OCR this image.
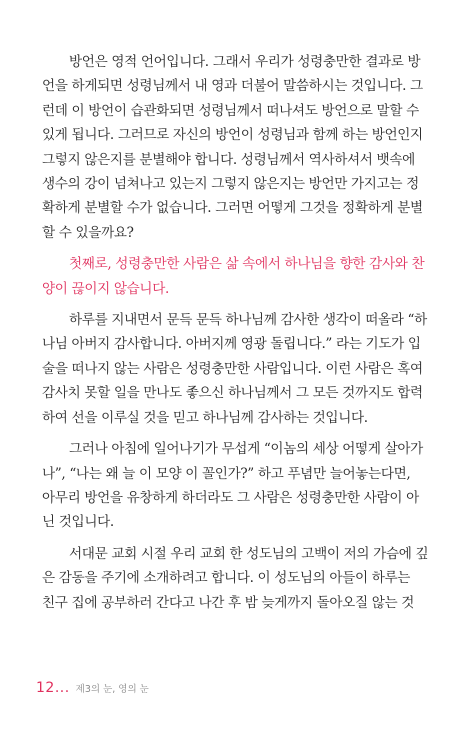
방언은 영적 언어입니다. 그래서 우리가 성령충만한 결과로 방
언을 하게되면 성령님께서 내 영과 더불어 말씀하시는 것입니다. 그
런데 이 방언이 습관화되면 성령님께서 떠나셔도 방언으로 말할 수
있게 됩니다. 그러므로 자신의 방언이 성령님과 함께 하는 방언인지
그렇지 않은지를 분별해야 합니다. 성령님께서 역사하셔서 뱃속에
생수의 강이 넘쳐나고 있는지 그렇지 않은지는 방언만 가지고는 정
확하게 분별할 수가 없습니다. 그러면 어떻게 그것을 정확하게 분별
할 수 있을까요?

첫째로, 성령충만한 사람은 삶 속에서 하나님을 향한 감사와 찬
양이 끊이지 않습니다.

하루를 지내면서 문득 문득 하나님께 감사한 생각이 떠올라 “하
나님 아버지 감사합니다. 아버지께 영광 돌립니다.” 라는 기도가 입
술을 떠나지 않는 사람은 성령충만한 사람입니다. 이런 사람은 혹여
감사치 못할 일을 만나도 좋으신 하나님께서 그 모든 것까지도 합력
하여 선을 이루실 것을 믿고 하나님께 감사하는 것입니다.

그러나 아침에 일어나기가 무섭게 “이놈의 세상 어떻게 살아가
나”, “나는 왜 늘 이 모양 이 꼴인가?” 하고 푸념만 늘어놓는다면,
아무리 방언을 유창하게 하더라도 그 사람은 성령충만한 사람이 아
닌 것입니다.

서대문 교회 시절 우리 교회 한 성도님의 고백이 저의 가슴에 깊
은 감동을 주기에 소개하려고 합니다. 이 성도님의 아들이 하루는
친구 집에 공부하러 간다고 나간 후 밤 늦게까지 돌아오질 않는 것

12... 제3의 눈, 영의 눈
